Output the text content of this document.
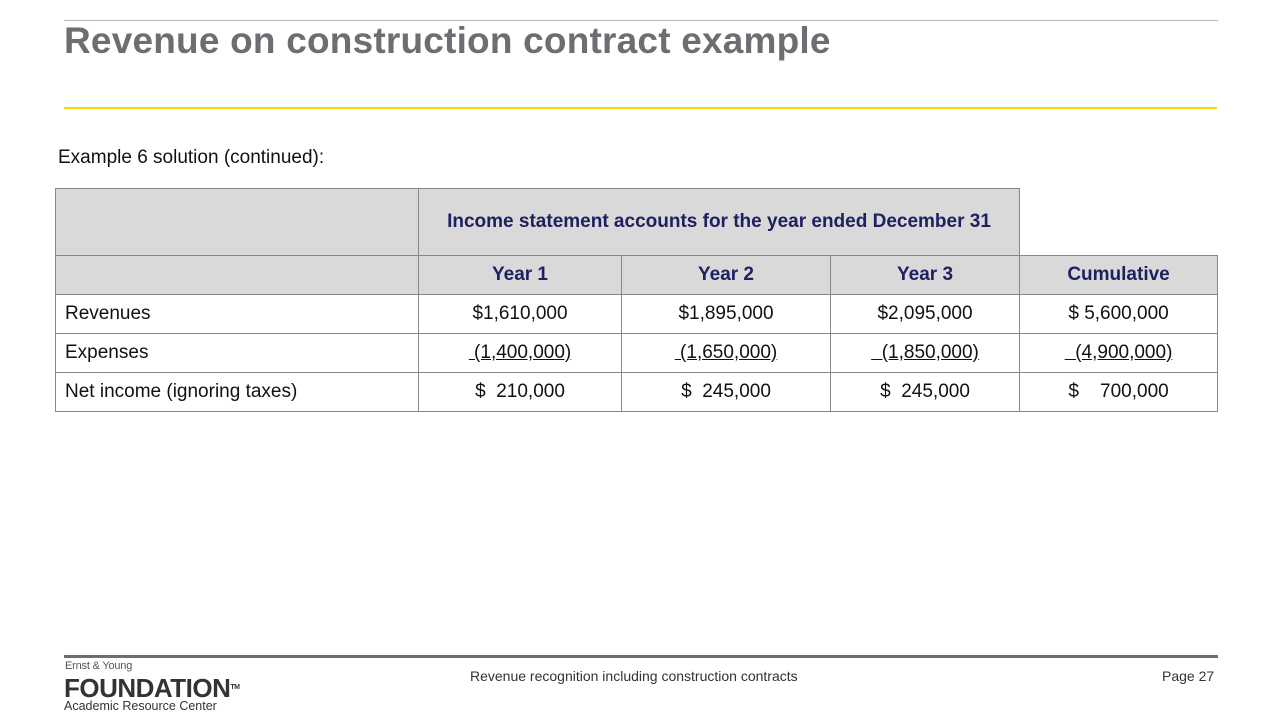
Revenue on construction contract example
Example 6 solution (continued):
	Income statement accounts for the year ended December 31			
	Year 1	Year 2	Year 3	Cumulative
Revenues	$1,610,000	$1,895,000	$2,095,000	$ 5,600,000
Expenses	(1,400,000)	(1,650,000)	(1,850,000)	(4,900,000)
Net income (ignoring taxes)	$  210,000	$  245,000	$  245,000	$    700,000
Ernst & Young
FOUNDATION™
Academic Resource Center
Revenue recognition including construction contracts	Page 27
